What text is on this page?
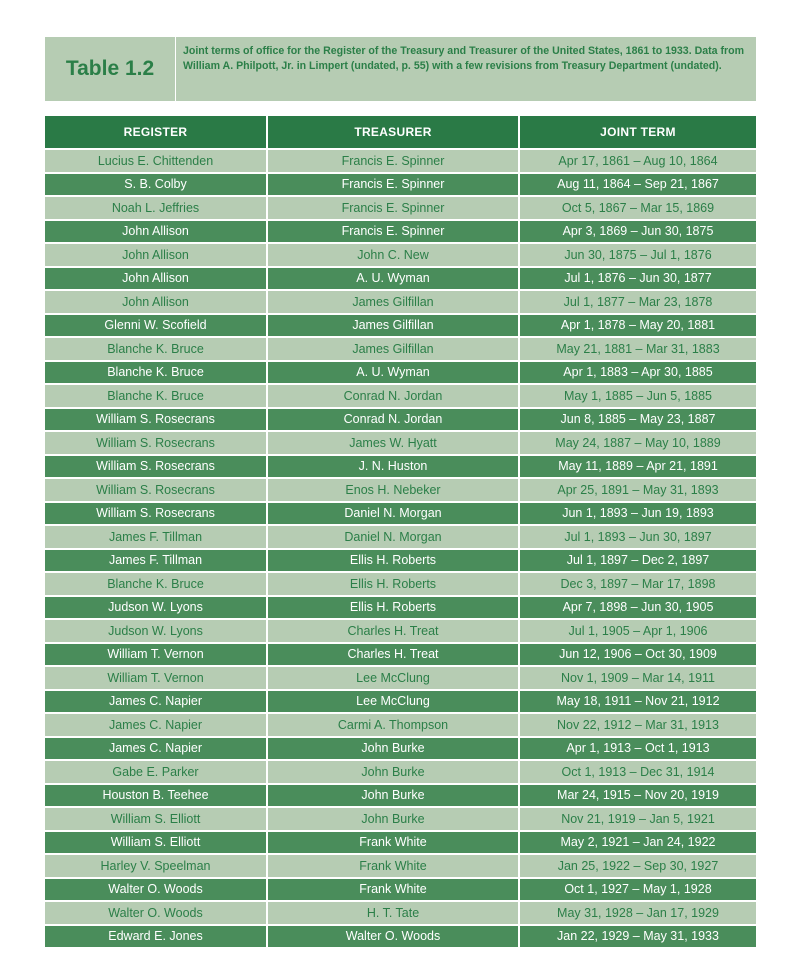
Table 1.2
Joint terms of office for the Register of the Treasury and Treasurer of the United States, 1861 to 1933. Data from William A. Philpott, Jr. in Limpert (undated, p. 55) with a few revisions from Treasury Department (undated).
REGISTER	TREASURER	JOINT TERM
Lucius E. Chittenden	Francis E. Spinner	Apr 17, 1861 – Aug 10, 1864
S. B. Colby	Francis E. Spinner	Aug 11, 1864 – Sep 21, 1867
Noah L. Jeffries	Francis E. Spinner	Oct 5, 1867 – Mar 15, 1869
John Allison	Francis E. Spinner	Apr 3, 1869 – Jun 30, 1875
John Allison	John C. New	Jun 30, 1875 – Jul 1, 1876
John Allison	A. U. Wyman	Jul 1, 1876 – Jun 30, 1877
John Allison	James Gilfillan	Jul 1, 1877 – Mar 23, 1878
Glenni W. Scofield	James Gilfillan	Apr 1, 1878 – May 20, 1881
Blanche K. Bruce	James Gilfillan	May 21, 1881 – Mar 31, 1883
Blanche K. Bruce	A. U. Wyman	Apr 1, 1883 – Apr 30, 1885
Blanche K. Bruce	Conrad N. Jordan	May 1, 1885 – Jun 5, 1885
William S. Rosecrans	Conrad N. Jordan	Jun 8, 1885 – May 23, 1887
William S. Rosecrans	James W. Hyatt	May 24, 1887 – May 10, 1889
William S. Rosecrans	J. N. Huston	May 11, 1889 – Apr 21, 1891
William S. Rosecrans	Enos H. Nebeker	Apr 25, 1891 – May 31, 1893
William S. Rosecrans	Daniel N. Morgan	Jun 1, 1893 – Jun 19, 1893
James F. Tillman	Daniel N. Morgan	Jul 1, 1893 – Jun 30, 1897
James F. Tillman	Ellis H. Roberts	Jul 1, 1897 – Dec 2, 1897
Blanche K. Bruce	Ellis H. Roberts	Dec 3, 1897 – Mar 17, 1898
Judson W. Lyons	Ellis H. Roberts	Apr 7, 1898 – Jun 30, 1905
Judson W. Lyons	Charles H. Treat	Jul 1, 1905 – Apr 1, 1906
William T. Vernon	Charles H. Treat	Jun 12, 1906 – Oct 30, 1909
William T. Vernon	Lee McClung	Nov 1, 1909 – Mar 14, 1911
James C. Napier	Lee McClung	May 18, 1911 – Nov 21, 1912
James C. Napier	Carmi A. Thompson	Nov 22, 1912 – Mar 31, 1913
James C. Napier	John Burke	Apr 1, 1913 – Oct 1, 1913
Gabe E. Parker	John Burke	Oct 1, 1913 – Dec 31, 1914
Houston B. Teehee	John Burke	Mar 24, 1915 – Nov 20, 1919
William S. Elliott	John Burke	Nov 21, 1919 – Jan 5, 1921
William S. Elliott	Frank White	May 2, 1921 – Jan 24, 1922
Harley V. Speelman	Frank White	Jan 25, 1922 – Sep 30, 1927
Walter O. Woods	Frank White	Oct 1, 1927 – May 1, 1928
Walter O. Woods	H. T. Tate	May 31, 1928 – Jan 17, 1929
Edward E. Jones	Walter O. Woods	Jan 22, 1929 – May 31, 1933
